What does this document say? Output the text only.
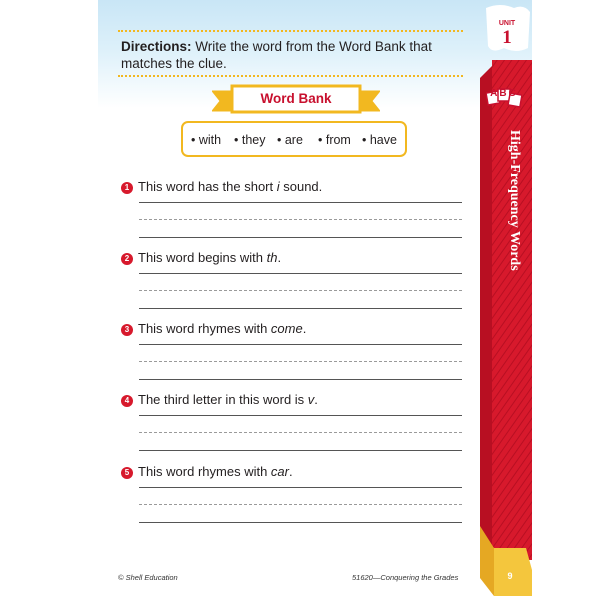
Directions: Write the word from the Word Bank that matches the clue.
Word Bank
• with • they • are • from • have
1 This word has the short i sound.
2 This word begins with th.
3 This word rhymes with come.
4 The third letter in this word is v.
5 This word rhymes with car.
UNIT
1
ABC
High-Frequency Words
© Shell Education	51620—Conquering the Grades	9
